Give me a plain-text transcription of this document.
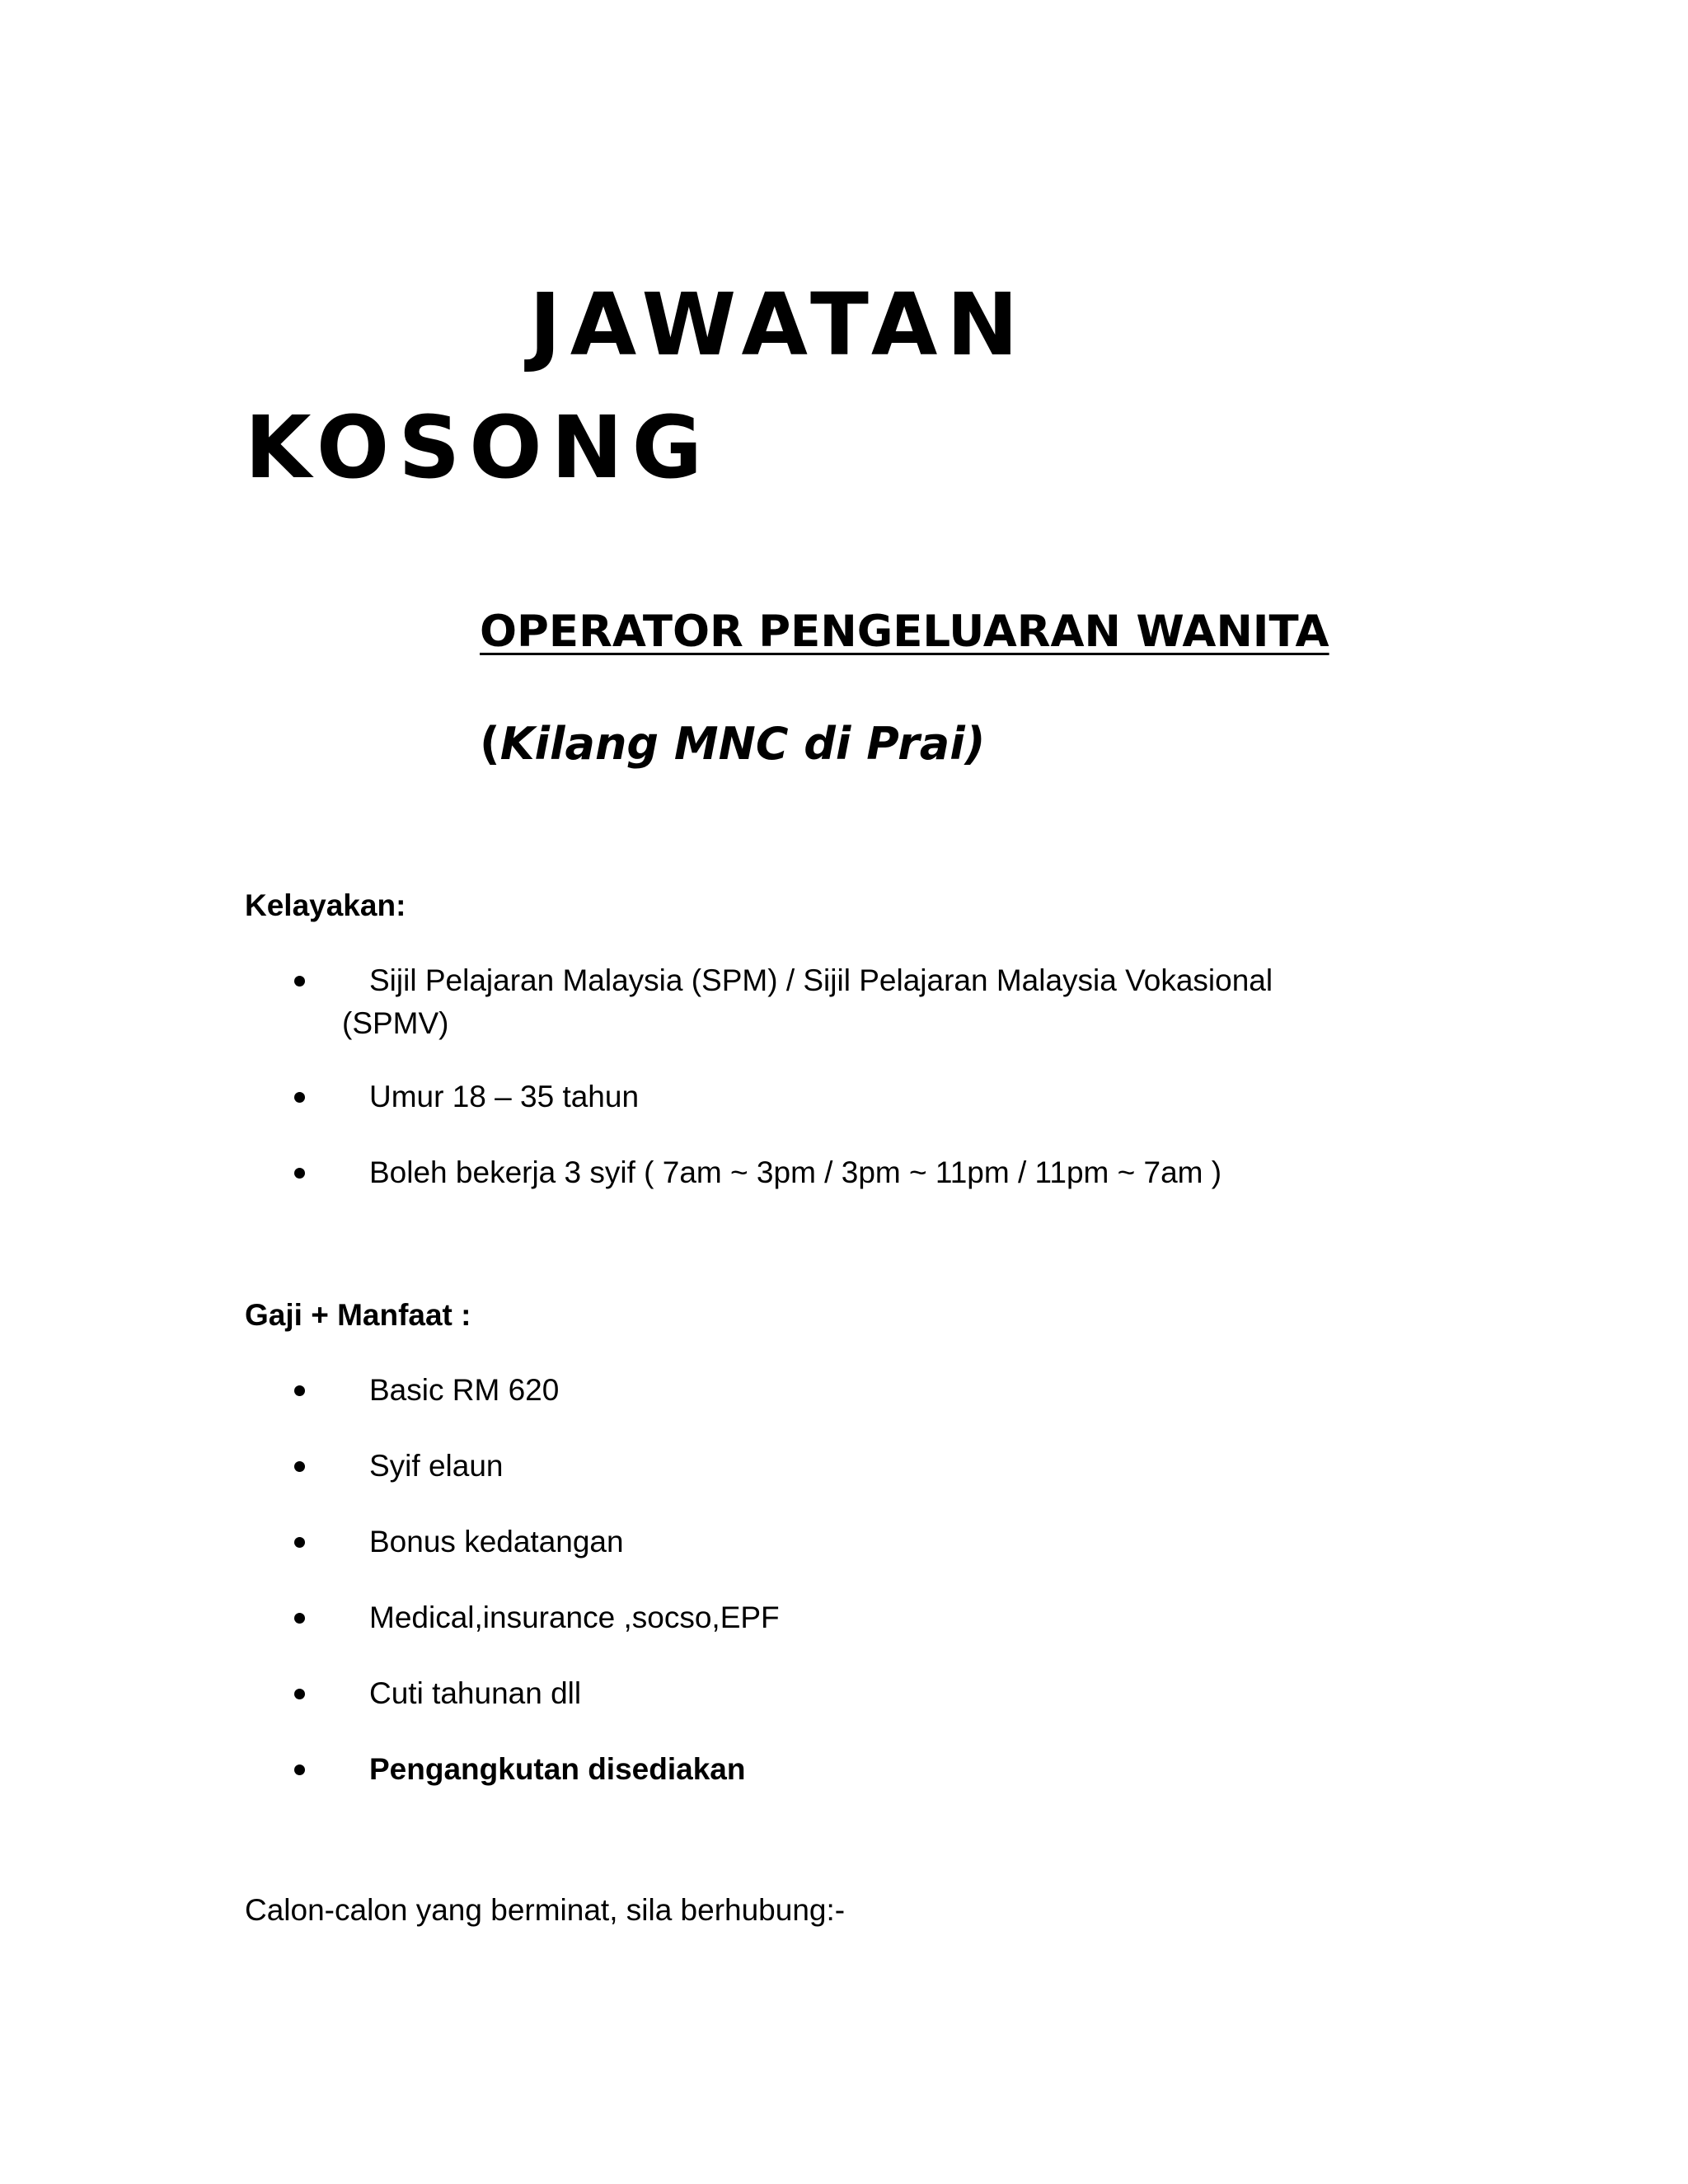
JAWATAN
KOSONG
OPERATOR PENGELUARAN WANITA
(Kilang MNC di Prai)
Kelayakan:
Sijil Pelajaran Malaysia (SPM) / Sijil Pelajaran Malaysia Vokasional
(SPMV)
Umur 18 – 35 tahun
Boleh bekerja 3 syif ( 7am ~ 3pm / 3pm ~ 11pm / 11pm ~ 7am )
Gaji + Manfaat :
Basic RM 620
Syif elaun
Bonus kedatangan
Medical,insurance ,socso,EPF
Cuti tahunan dll
Pengangkutan disediakan
Calon-calon yang berminat, sila berhubung:-
